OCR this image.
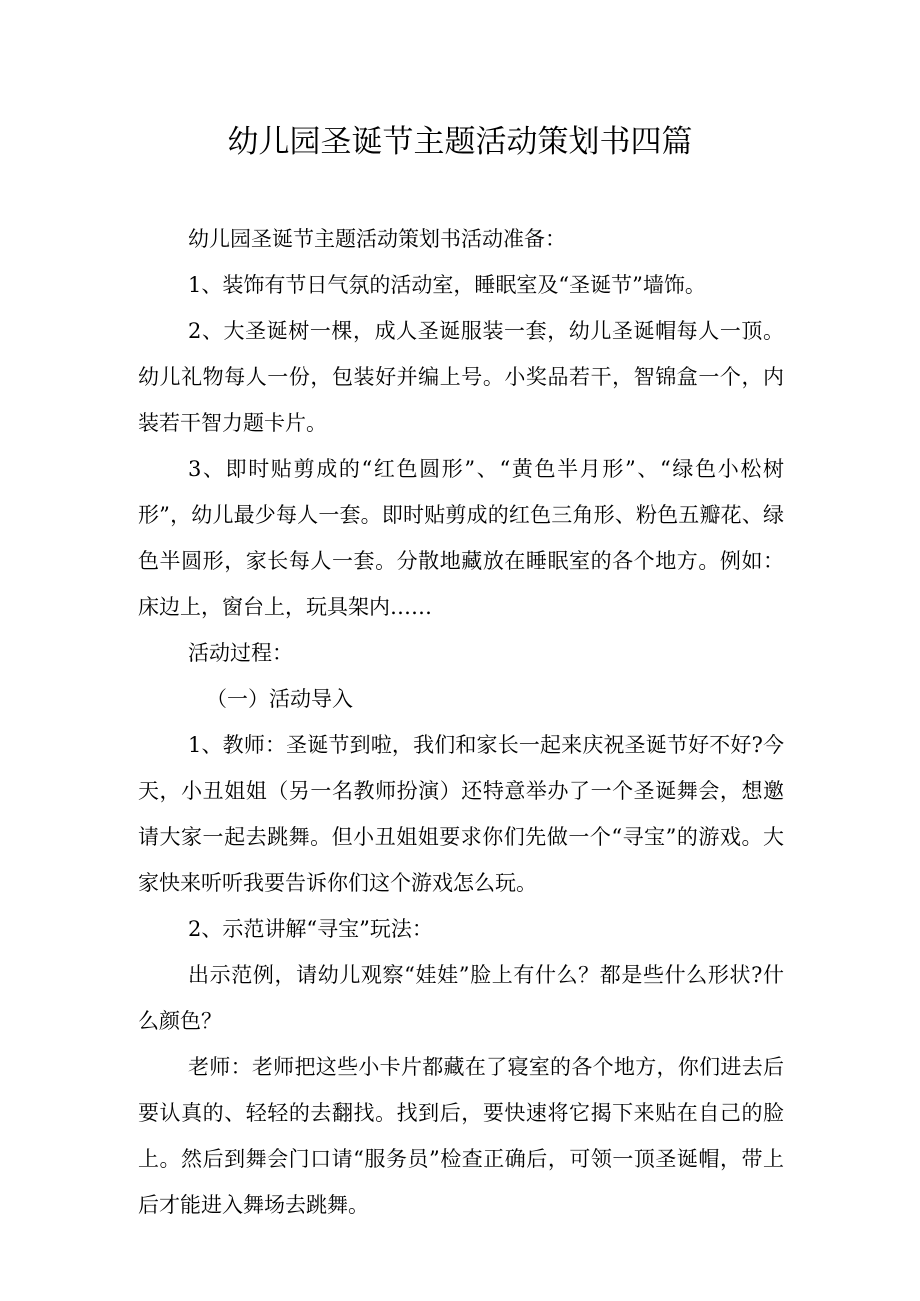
幼儿园圣诞节主题活动策划书四篇

幼儿园圣诞节主题活动策划书活动准备：

1、装饰有节日气氛的活动室，睡眠室及“圣诞节”墙饰。

2、大圣诞树一棵，成人圣诞服装一套，幼儿圣诞帽每人一顶。幼儿礼物每人一份，包装好并编上号。小奖品若干，智锦盒一个，内装若干智力题卡片。

3、即时贴剪成的“红色圆形”、“黄色半月形”、“绿色小松树形”，幼儿最少每人一套。即时贴剪成的红色三角形、粉色五瓣花、绿色半圆形，家长每人一套。分散地藏放在睡眠室的各个地方。例如：床边上，窗台上，玩具架内……

活动过程：

（一）活动导入

1、教师：圣诞节到啦，我们和家长一起来庆祝圣诞节好不好?今天，小丑姐姐（另一名教师扮演）还特意举办了一个圣诞舞会，想邀请大家一起去跳舞。但小丑姐姐要求你们先做一个“寻宝”的游戏。大家快来听听我要告诉你们这个游戏怎么玩。

2、示范讲解“寻宝”玩法：

出示范例，请幼儿观察“娃娃”脸上有什么？都是些什么形状?什么颜色？

老师：老师把这些小卡片都藏在了寝室的各个地方，你们进去后要认真的、轻轻的去翻找。找到后，要快速将它揭下来贴在自己的脸上。然后到舞会门口请“服务员”检查正确后，可领一顶圣诞帽，带上后才能进入舞场去跳舞。
